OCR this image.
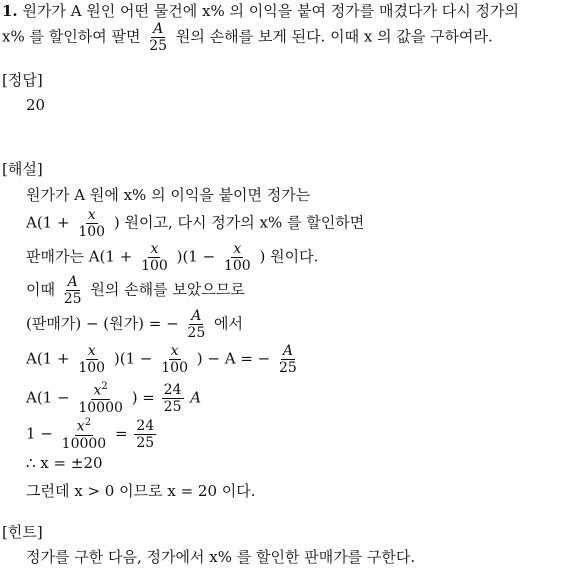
1. 원가가 A 원인 어떤 물건에 x% 의 이익을 붙여 정가를 매겼다가 다시 정가의
x% 를 할인하여 팔면 $\frac{A}{25}$ 원의 손해를 보게 된다. 이때 x 의 값을 구하여라.
[정답]
20
[해설]
원가가 A 원에 x% 의 이익을 붙이면 정가는
$A(1 + \frac{x}{100}$ ) 원이고, 다시 정가의 x% 를 할인하면
판매가는 $A(1 + \frac{x}{100} )(1 - \frac{x}{100}$ ) 원이다.
이때 $\frac{A}{25}$ 원의 손해를 보았으므로
(판매가) − (원가) = − $\frac{A}{25}$ 에서
$A(1 + \frac{x}{100} )(1 - \frac{x}{100}$ ) − A = − $\frac{A}{25}$
$A(1 - \frac{x^2}{10000}$ ) = $\frac{24}{25}$ A
$1 - \frac{x^2}{10000} = \frac{24}{25}$
∴ x = ±20
그런데 x > 0 이므로 x = 20 이다.
[힌트]
정가를 구한 다음, 정가에서 x% 를 할인한 판매가를 구한다.
